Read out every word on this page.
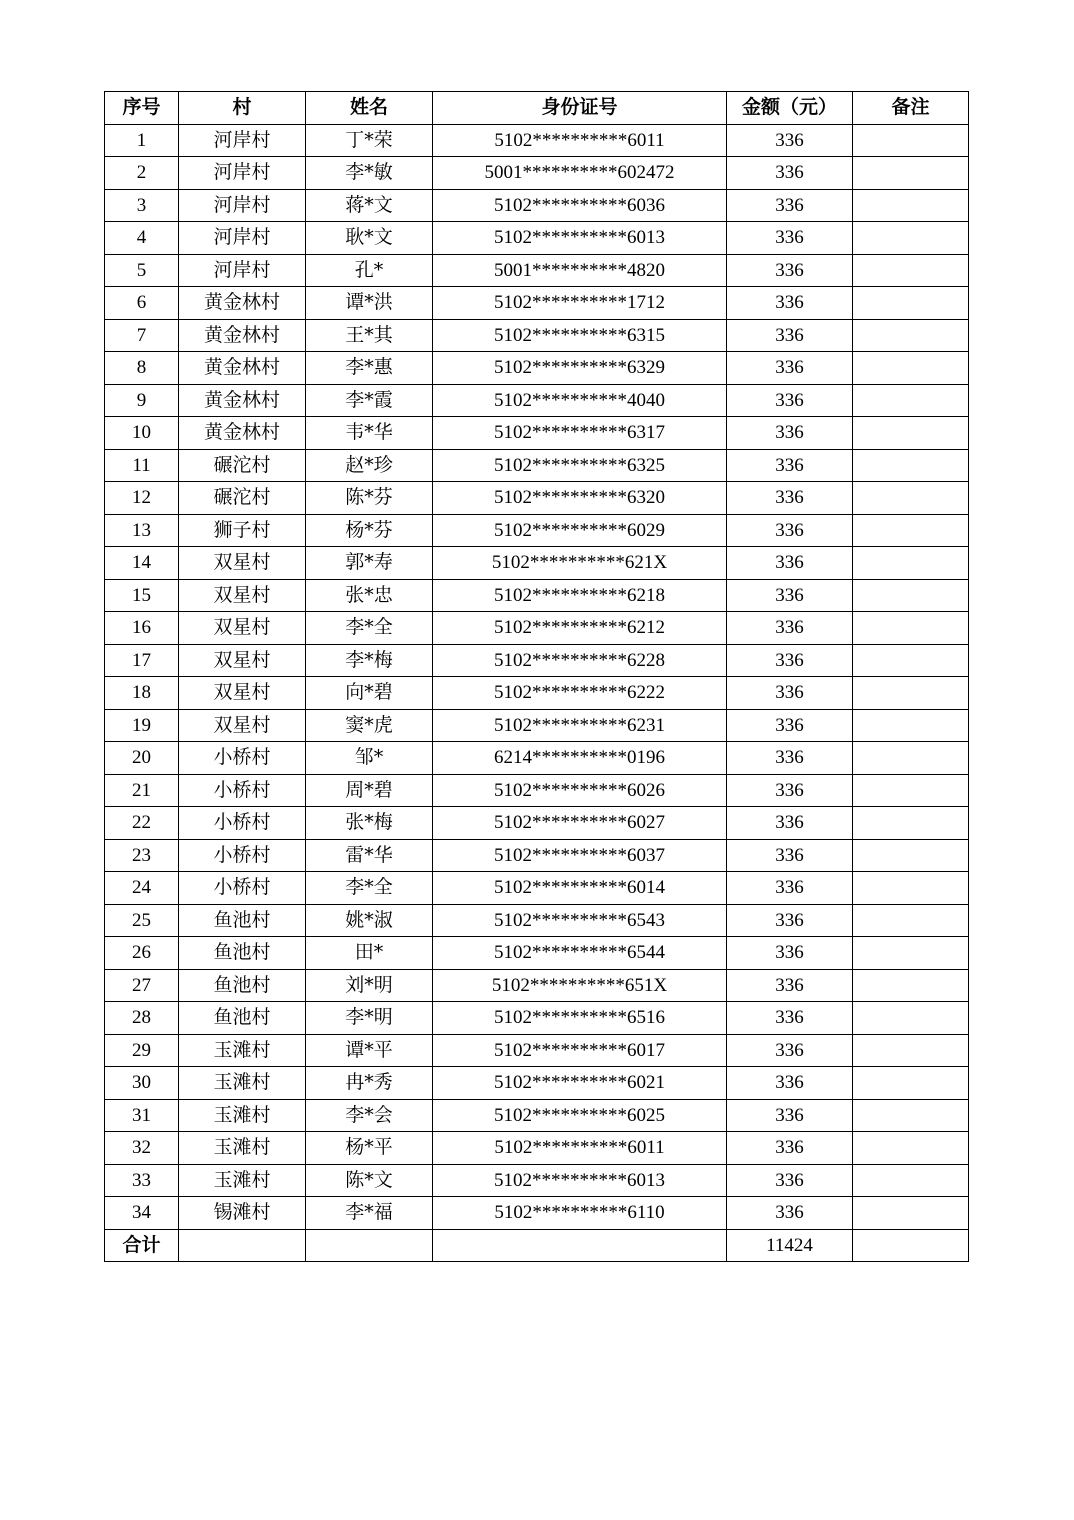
序号	村	姓名	身份证号	金额（元）	备注
1	河岸村	丁*荣	5102**********6011	336	
2	河岸村	李*敏	5001**********602472	336	
3	河岸村	蒋*文	5102**********6036	336	
4	河岸村	耿*文	5102**********6013	336	
5	河岸村	孔*	5001**********4820	336	
6	黄金林村	谭*洪	5102**********1712	336	
7	黄金林村	王*其	5102**********6315	336	
8	黄金林村	李*惠	5102**********6329	336	
9	黄金林村	李*霞	5102**********4040	336	
10	黄金林村	韦*华	5102**********6317	336	
11	碾沱村	赵*珍	5102**********6325	336	
12	碾沱村	陈*芬	5102**********6320	336	
13	狮子村	杨*芬	5102**********6029	336	
14	双星村	郭*寿	5102**********621X	336	
15	双星村	张*忠	5102**********6218	336	
16	双星村	李*全	5102**********6212	336	
17	双星村	李*梅	5102**********6228	336	
18	双星村	向*碧	5102**********6222	336	
19	双星村	窦*虎	5102**********6231	336	
20	小桥村	邹*	6214**********0196	336	
21	小桥村	周*碧	5102**********6026	336	
22	小桥村	张*梅	5102**********6027	336	
23	小桥村	雷*华	5102**********6037	336	
24	小桥村	李*全	5102**********6014	336	
25	鱼池村	姚*淑	5102**********6543	336	
26	鱼池村	田*	5102**********6544	336	
27	鱼池村	刘*明	5102**********651X	336	
28	鱼池村	李*明	5102**********6516	336	
29	玉滩村	谭*平	5102**********6017	336	
30	玉滩村	冉*秀	5102**********6021	336	
31	玉滩村	李*会	5102**********6025	336	
32	玉滩村	杨*平	5102**********6011	336	
33	玉滩村	陈*文	5102**********6013	336	
34	锡滩村	李*福	5102**********6110	336	
合计				11424	
